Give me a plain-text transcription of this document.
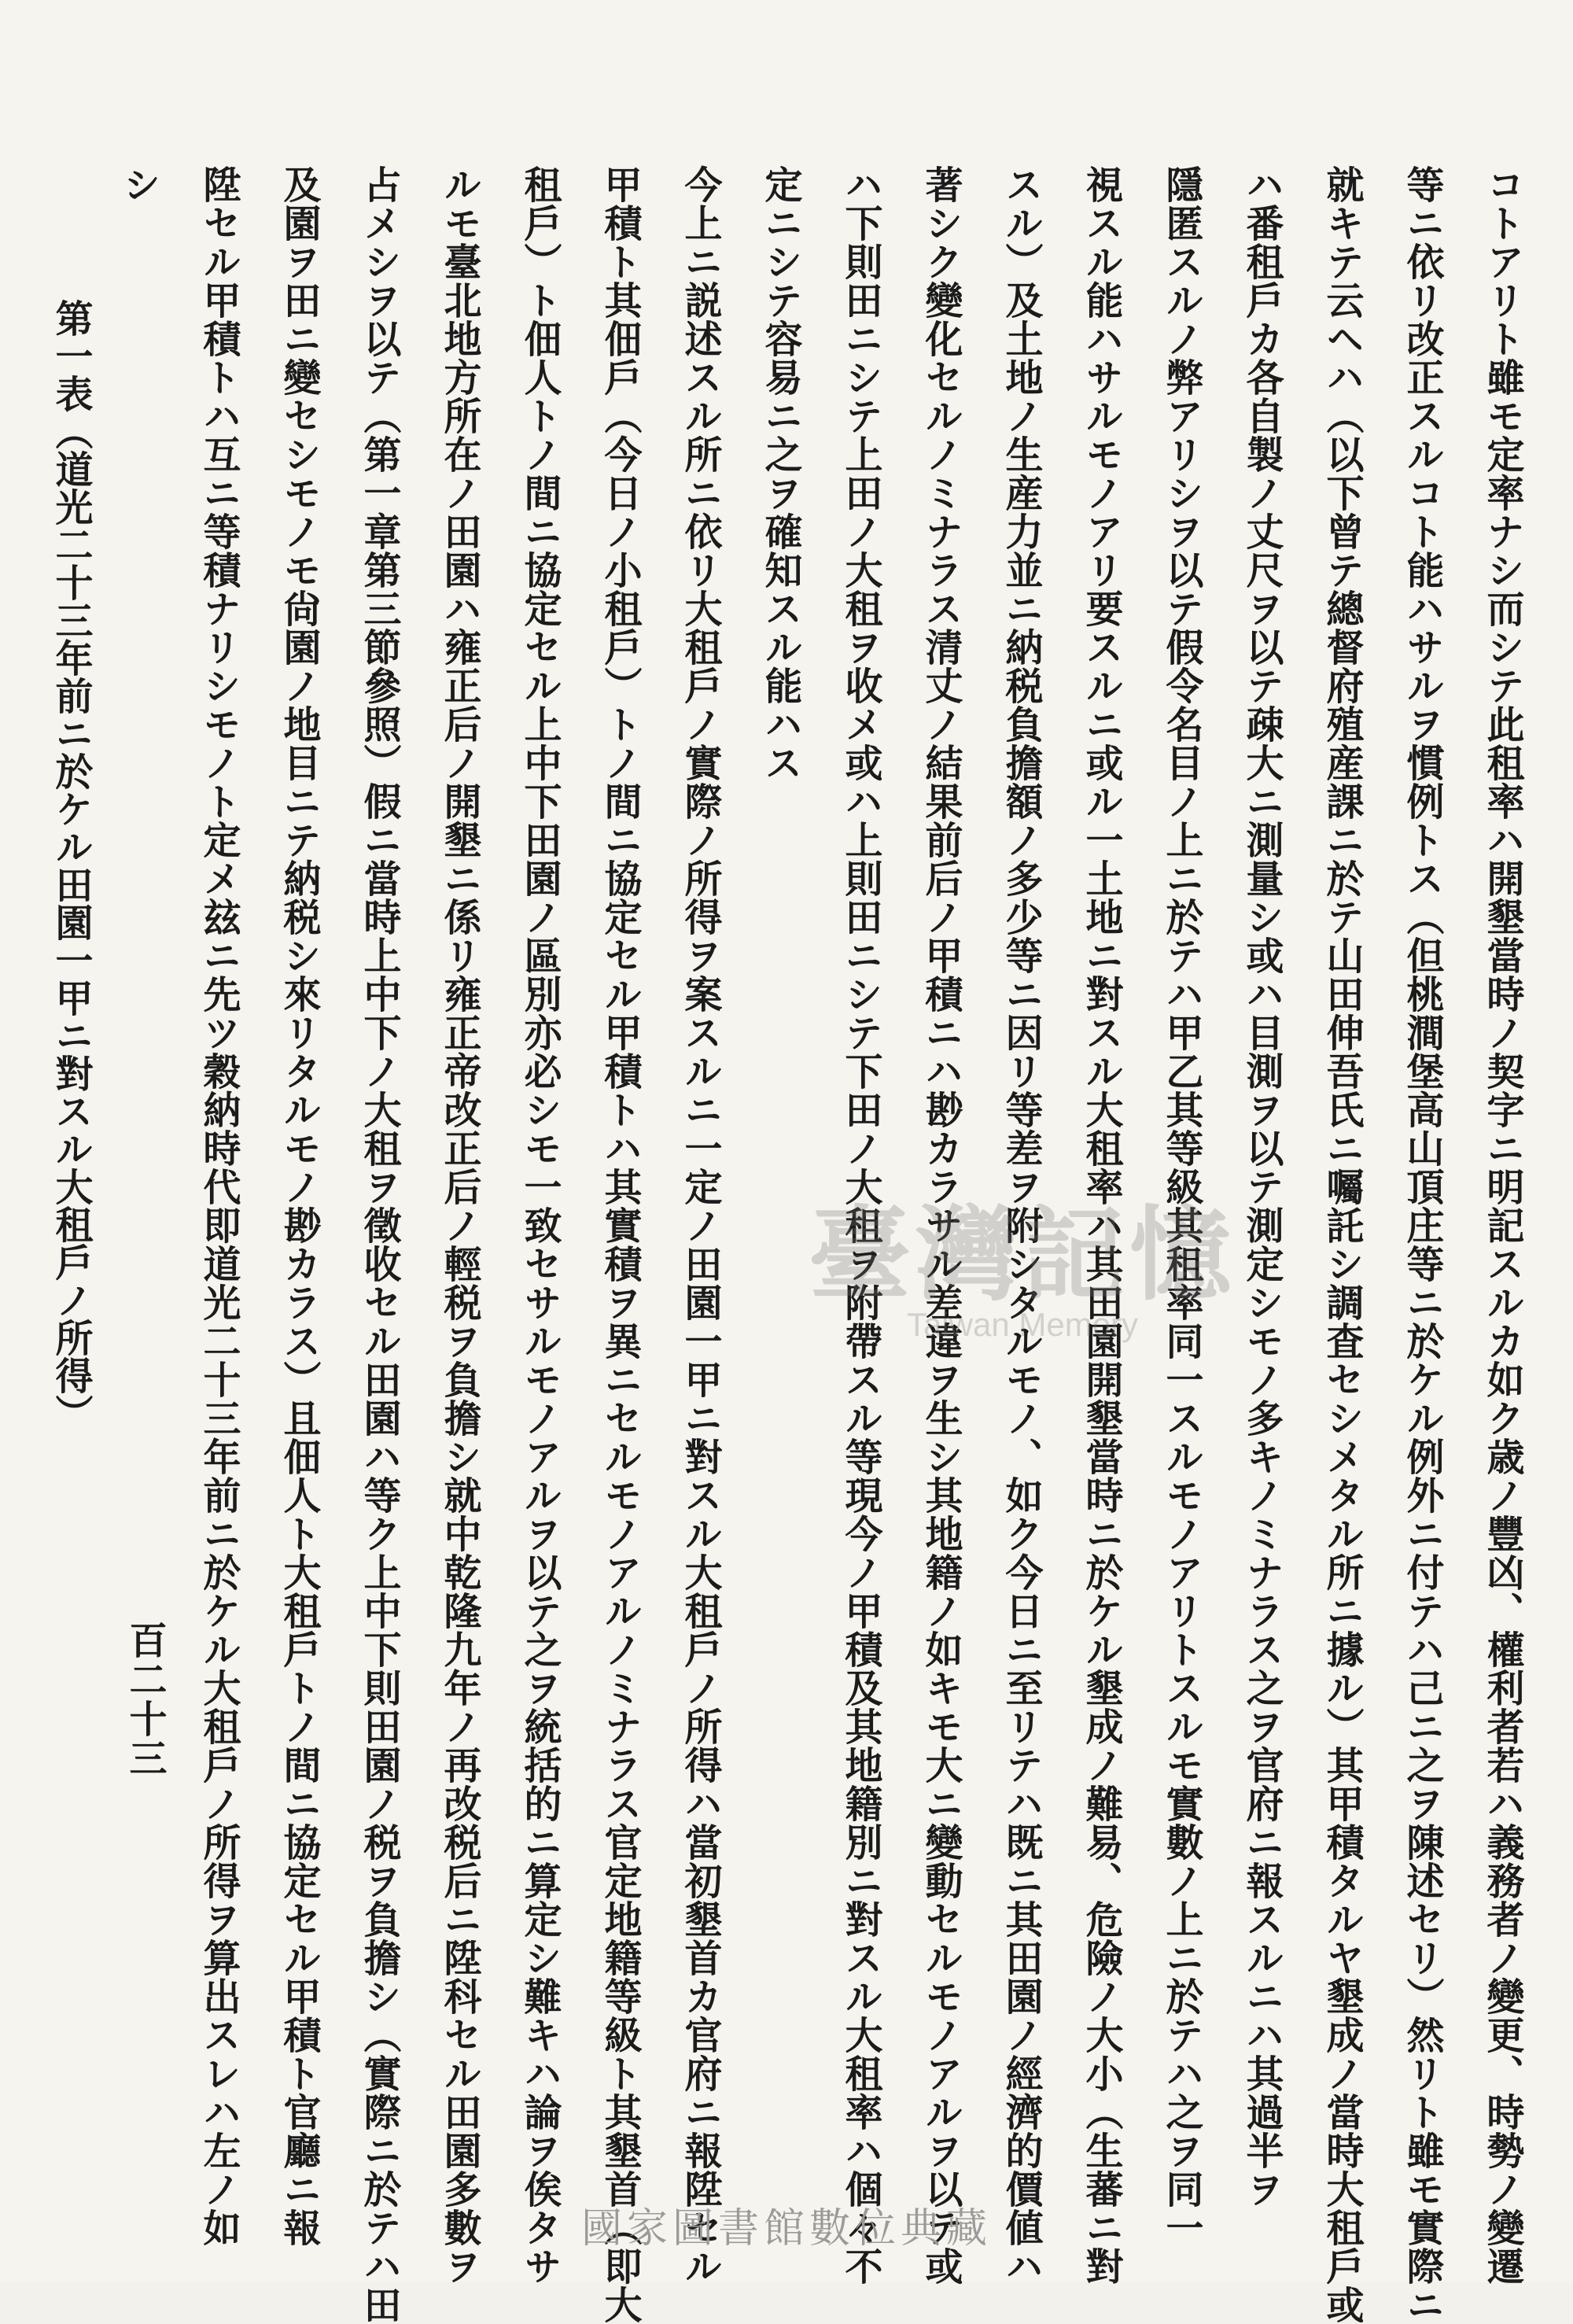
コトアリト雖モ定率ナシ而シテ此租率ハ開墾當時ノ契字ニ明記スルカ如ク歳ノ豐凶、權利者若ハ義務者ノ變更、時勢ノ變遷
等ニ依リ改正スルコト能ハサルヲ慣例トス（但桃澗堡高山頂庄等ニ於ケル例外ニ付テハ己ニ之ヲ陳述セリ）然リト雖モ實際ニ
就キテ云ヘハ（以下曾テ總督府殖産課ニ於テ山田伸吾氏ニ囑託シ調査セシメタル所ニ據ル）其甲積タルヤ墾成ノ當時大租戶或
ハ番租戶カ各自製ノ丈尺ヲ以テ疎大ニ測量シ或ハ目測ヲ以テ測定シモノ多キノミナラス之ヲ官府ニ報スルニハ其過半ヲ
隱匿スルノ弊アリシヲ以テ假令名目ノ上ニ於テハ甲乙其等級其租率同一スルモノアリトスルモ實數ノ上ニ於テハ之ヲ同一
視スル能ハサルモノアリ要スルニ或ル一土地ニ對スル大租率ハ其田園開墾當時ニ於ケル墾成ノ難易、危險ノ大小（生蕃ニ對
スル）及土地ノ生産力並ニ納税負擔額ノ多少等ニ因リ等差ヲ附シタルモノ、如ク今日ニ至リテハ既ニ其田園ノ經濟的價値ハ
著シク變化セルノミナラス清丈ノ結果前后ノ甲積ニハ尠カラサル差違ヲ生シ其地籍ノ如キモ大ニ變動セルモノアルヲ以テ或
ハ下則田ニシテ上田ノ大租ヲ收メ或ハ上則田ニシテ下田ノ大租ヲ附帶スル等現今ノ甲積及其地籍別ニ對スル大租率ハ個々不
定ニシテ容易ニ之ヲ確知スル能ハス
今上ニ説述スル所ニ依リ大租戶ノ實際ノ所得ヲ案スルニ一定ノ田園一甲ニ對スル大租戶ノ所得ハ當初墾首カ官府ニ報陞セル
甲積ト其佃戶（今日ノ小租戶）トノ間ニ協定セル甲積トハ其實積ヲ異ニセルモノアルノミナラス官定地籍等級ト其墾首（即大
租戶）ト佃人トノ間ニ協定セル上中下田園ノ區別亦必シモ一致セサルモノアルヲ以テ之ヲ統括的ニ算定シ難キハ論ヲ俟タサ
ルモ臺北地方所在ノ田園ハ雍正后ノ開墾ニ係リ雍正帝改正后ノ輕税ヲ負擔シ就中乾隆九年ノ再改税后ニ陞科セル田園多數ヲ
占メシヲ以テ（第一章第三節參照）假ニ當時上中下ノ大租ヲ徵收セル田園ハ等ク上中下則田園ノ税ヲ負擔シ（實際ニ於テハ田
及園ヲ田ニ變セシモノモ尙園ノ地目ニテ納税シ來リタルモノ尠カラス）且佃人ト大租戶トノ間ニ協定セル甲積ト官廳ニ報
陞セル甲積トハ互ニ等積ナリシモノト定メ玆ニ先ツ穀納時代即道光二十三年前ニ於ケル大租戶ノ所得ヲ算出スレハ左ノ如
シ
第一表（道光二十三年前ニ於ケル田園一甲ニ對スル大租戶ノ所得）	臺灣記憶
Taiwan Memory
百二十三
國家圖書館數位典藏
